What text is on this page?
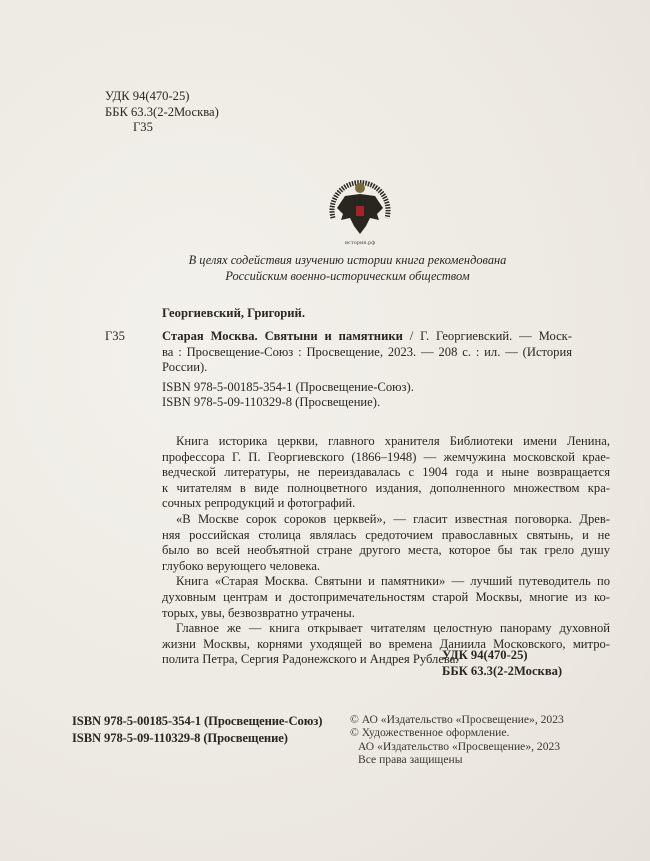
УДК 94(470-25)
ББК 63.3(2-2Москва)
Г35
история.рф
В целях содействия изучению истории книга рекомендована
Российским военно-историческим обществом
Георгиевский, Григорий.
Г35	Старая Москва. Святыни и памятники / Г. Георгиевский. — Моск-
ва : Просвещение-Союз : Просвещение, 2023. — 208 с. : ил. — (История
России).
ISBN 978-5-00185-354-1 (Просвещение-Союз).
ISBN 978-5-09-110329-8 (Просвещение).
Книга историка церкви, главного хранителя Библиотеки имени Ленина,
профессора Г. П. Георгиевского (1866–1948) — жемчужина московской крае-
ведческой литературы, не переиздавалась с 1904 года и ныне возвращается
к читателям в виде полноцветного издания, дополненного множеством кра-
сочных репродукций и фотографий.
«В Москве сорок сороков церквей», — гласит известная поговорка. Древ-
няя российская столица являлась средоточием православных святынь, и не
было во всей необъятной стране другого места, которое бы так грело душу
глубоко верующего человека.
Книга «Старая Москва. Святыни и памятники» — лучший путеводитель по
духовным центрам и достопримечательностям старой Москвы, многие из ко-
торых, увы, безвозвратно утрачены.
Главное же — книга открывает читателям целостную панораму духовной
жизни Москвы, корнями уходящей во времена Даниила Московского, митро-
полита Петра, Сергия Радонежского и Андрея Рублева.
УДК 94(470-25)
ББК 63.3(2-2Москва)
ISBN 978-5-00185-354-1 (Просвещение-Союз)
ISBN 978-5-09-110329-8 (Просвещение)
© АО «Издательство «Просвещение», 2023
© Художественное оформление.
АО «Издательство «Просвещение», 2023
Все права защищены
